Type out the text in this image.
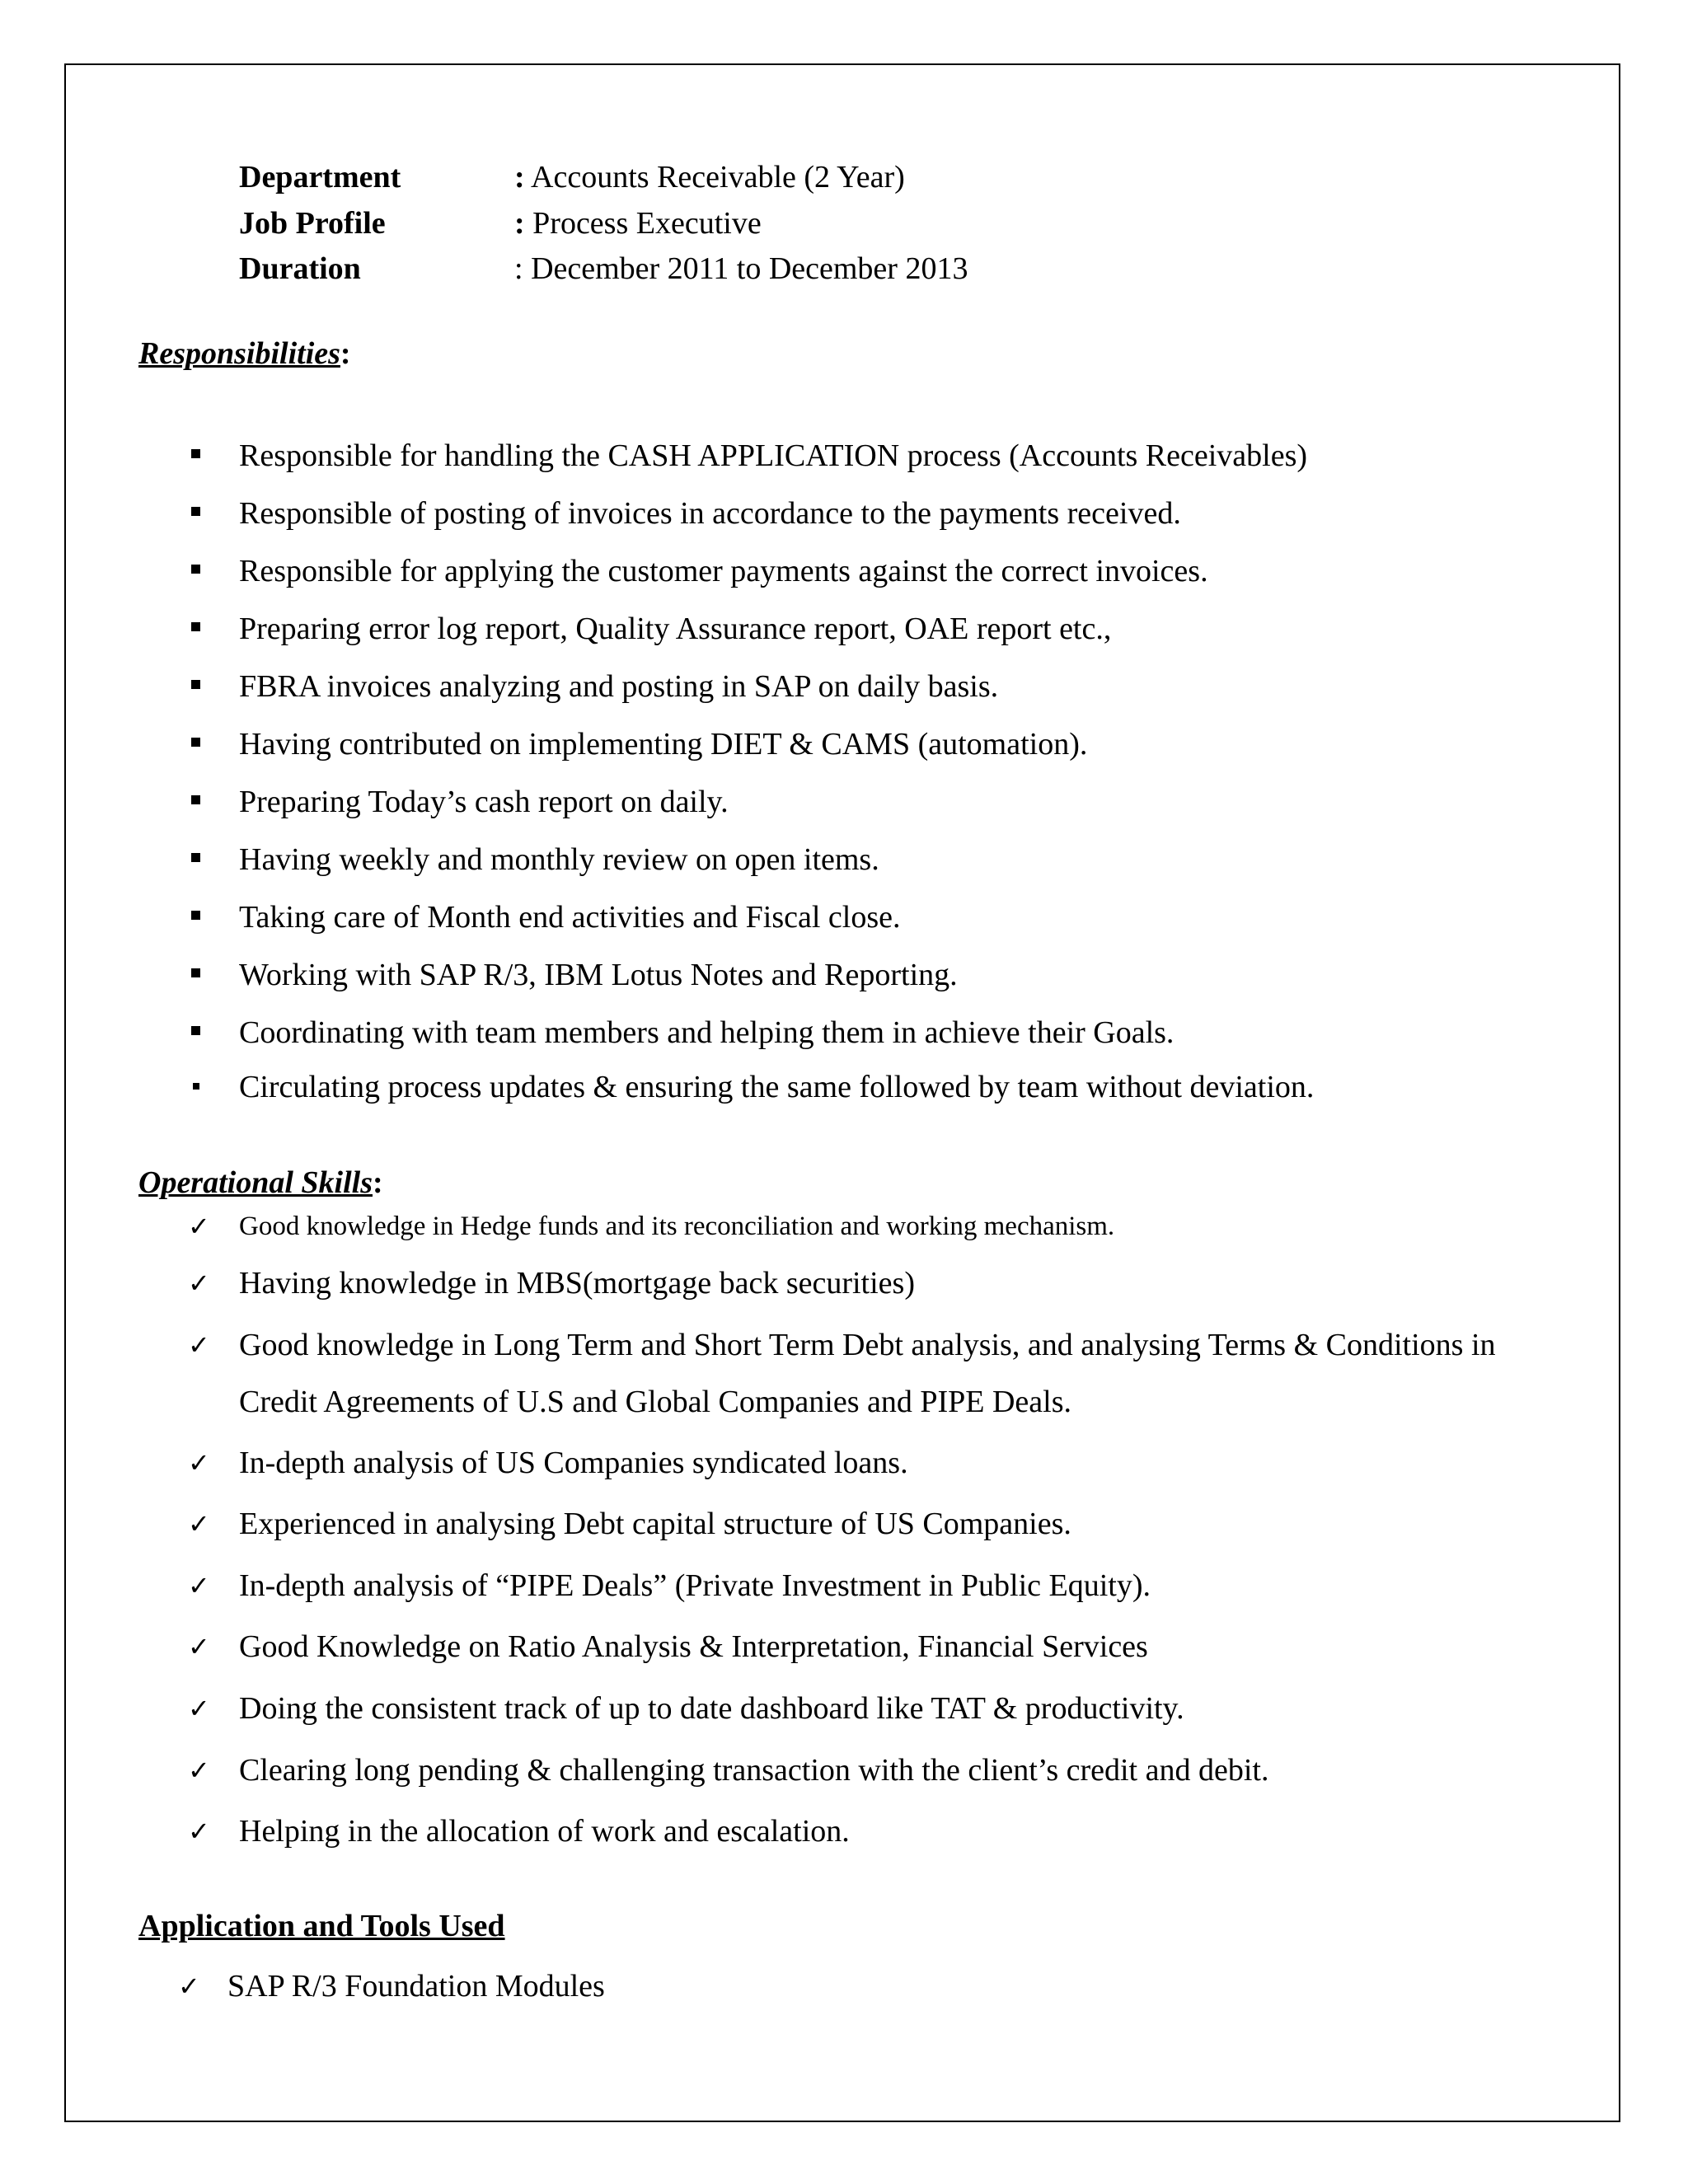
Department	: Accounts Receivable (2 Year)
Job Profile	: Process Executive
Duration	: December 2011 to December 2013
Responsibilities:
Responsible for handling the CASH APPLICATION process (Accounts Receivables)
Responsible of posting of invoices in accordance to the payments received.
Responsible for applying the customer payments against the correct invoices.
Preparing error log report, Quality Assurance report, OAE report etc.,
FBRA invoices analyzing and posting in SAP on daily basis.
Having contributed on implementing DIET & CAMS (automation).
Preparing Today’s cash report on daily.
Having weekly and monthly review on open items.
Taking care of Month end activities and Fiscal close.
Working with SAP R/3, IBM Lotus Notes and Reporting.
Coordinating with team members and helping them in achieve their Goals.
Circulating process updates & ensuring the same followed by team without deviation.
Operational Skills:
✓ Good knowledge in Hedge funds and its reconciliation and working mechanism.
✓ Having knowledge in MBS(mortgage back securities)
✓ Good knowledge in Long Term and Short Term Debt analysis, and analysing Terms & Conditions in Credit Agreements of U.S and Global Companies and PIPE Deals.
✓ In-depth analysis of US Companies syndicated loans.
✓ Experienced in analysing Debt capital structure of US Companies.
✓ In-depth analysis of “PIPE Deals” (Private Investment in Public Equity).
✓ Good Knowledge on Ratio Analysis & Interpretation, Financial Services
✓ Doing the consistent track of up to date dashboard like TAT & productivity.
✓ Clearing long pending & challenging transaction with the client’s credit and debit.
✓ Helping in the allocation of work and escalation.
Application and Tools Used
✓ SAP R/3 Foundation Modules
